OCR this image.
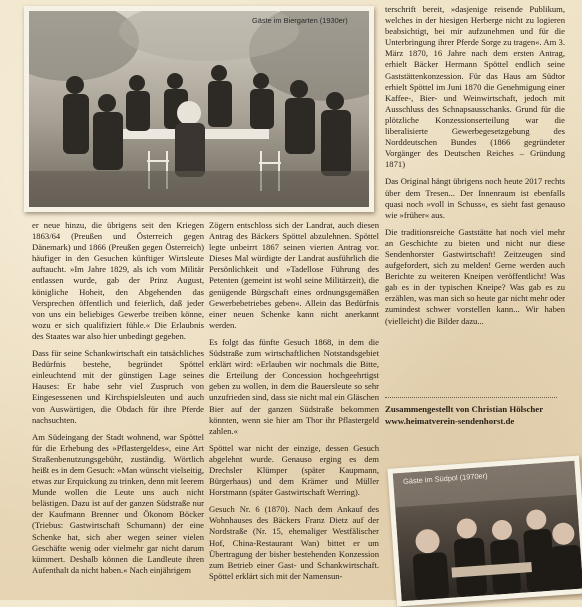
Gäste im Biergarten (1930er)

er neue hinzu, die übrigens seit den Kriegen 1863/64 (Preußen und Österreich gegen Dänemark) und 1866 (Preußen gegen Österreich) häufiger in den Gesuchen künftiger Wirtsleute auftaucht. »Im Jahre 1829, als ich vom Militär entlassen wurde, gab der Prinz August, königliche Hoheit, den Abgehenden das Versprechen öffentlich und feierlich, daß jeder von uns ein beliebiges Gewerbe treiben könne, wozu er sich qualifiziert fühle.« Die Erlaubnis des Staates war also hier unbedingt gegeben.

Dass für seine Schankwirtschaft ein tatsächliches Bedürfnis bestehe, begründet Spöttel einleuchtend mit der günstigen Lage seines Hauses: Er habe sehr viel Zuspruch von Eingesessenen und Kirchspielsleuten und auch von Auswärtigen, die Obdach für ihre Pferde nachsuchten.

Am Südeingang der Stadt wohnend, war Spöttel für die Erhebung des »Pflastergeldes«, eine Art Straßenbenutzungsgebühr, zuständig. Wörtlich heißt es in dem Gesuch: »Man wünscht vielseitig, etwas zur Erquickung zu trinken, denn mit leerem Munde wollen die Leute uns auch nicht belästigen. Dazu ist auf der ganzen Südstraße nur der Kaufmann Brenner und Ökonom Böcker (Triebus: Gastwirtschaft Schumann) der eine Schenke hat, sich aber wegen seiner vielen Geschäfte wenig oder vielmehr gar nicht darum kümmert. Deshalb können die Landleute ihren Aufenthalt da nicht haben.« Nach einjährigem

Zögern entschloss sich der Landrat, auch diesen Antrag des Bäckers Spöttel abzulehnen. Spöttel legte unbeirrt 1867 seinen vierten Antrag vor. Dieses Mal würdigte der Landrat ausführlich die Persönlichkeit und »Tadellose Führung des Petenten (gemeint ist wohl seine Militärzeit), die genügende Bürgschaft eines ordnungsgemäßen Gewerbebetriebes geben«. Allein das Bedürfnis einer neuen Schenke kann nicht anerkannt werden.

Es folgt das fünfte Gesuch 1868, in dem die Südstraße zum wirtschaftlichen Notstandsgebiet erklärt wird: »Erlauben wir nochmals die Bitte, die Erteilung der Concession hochgeehrtigst geben zu wollen, in dem die Bauersleute so sehr unzufrieden sind, dass sie nicht mal ein Gläschen Bier auf der ganzen Südstraße bekommen könnten, wenn sie hier am Thor ihr Pflastergeld zahlen.«

Spöttel war nicht der einzige, dessen Gesuch abgelehnt wurde. Genauso erging es dem Drechsler Klümper (später Kaupmann, Bürgerhaus) und dem Krämer und Müller Horstmann (später Gastwirtschaft Werring).

Gesuch Nr. 6 (1870). Nach dem Ankauf des Wohnhauses des Bäckers Franz Dietz auf der Nordstraße (Nr. 15, ehemaliger Westfälischer Hof, China-Restaurant Wan) bittet er um Übertragung der bisher bestehenden Konzession zum Betrieb einer Gast- und Schankwirtschaft. Spöttel erklärt sich mit der Namensun-

terschrift bereit, »dasjenige reisende Publikum, welches in der hiesigen Herberge nicht zu logieren beabsichtigt, bei mir aufzunehmen und für die Unterbringung ihrer Pferde Sorge zu tragen«. Am 3. März 1870, 16 Jahre nach dem ersten Antrag, erhielt Bäcker Hermann Spöttel endlich seine Gaststättenkonzession. Für das Haus am Südtor erhielt Spöttel im Juni 1870 die Genehmigung einer Kaffee-, Bier- und Weinwirtschaft, jedoch mit Ausschluss des Schnapsausschanks. Grund für die plötzliche Konzessionserteilung war die liberalisierte Gewerbegesetzgebung des Norddeutschen Bundes (1866 gegründeter Vorgänger des Deutschen Reiches – Gründung 1871)

Das Original hängt übrigens noch heute 2017 rechts über dem Tresen... Der Innenraum ist ebenfalls quasi noch »voll in Schuss«, es sieht fast genauso wie »früher« aus.

Die traditionsreiche Gaststätte hat noch viel mehr an Geschichte zu bieten und nicht nur diese Sendenhorster Gastwirtschaft! Zeitzeugen sind aufgefordert, sich zu melden! Gerne werden auch Berichte zu weiteren Kneipen veröffentlicht! Was gab es in der typischen Kneipe? Was gab es zu erzählen, was man sich so heute gar nicht mehr oder zumindest schwer vorstellen kann... Wir haben (vielleicht) die Bilder dazu...

Zusammengestellt von Christian Hölscher
www.heimatverein-sendenhorst.de
Gäste im Südpol (1970er)
